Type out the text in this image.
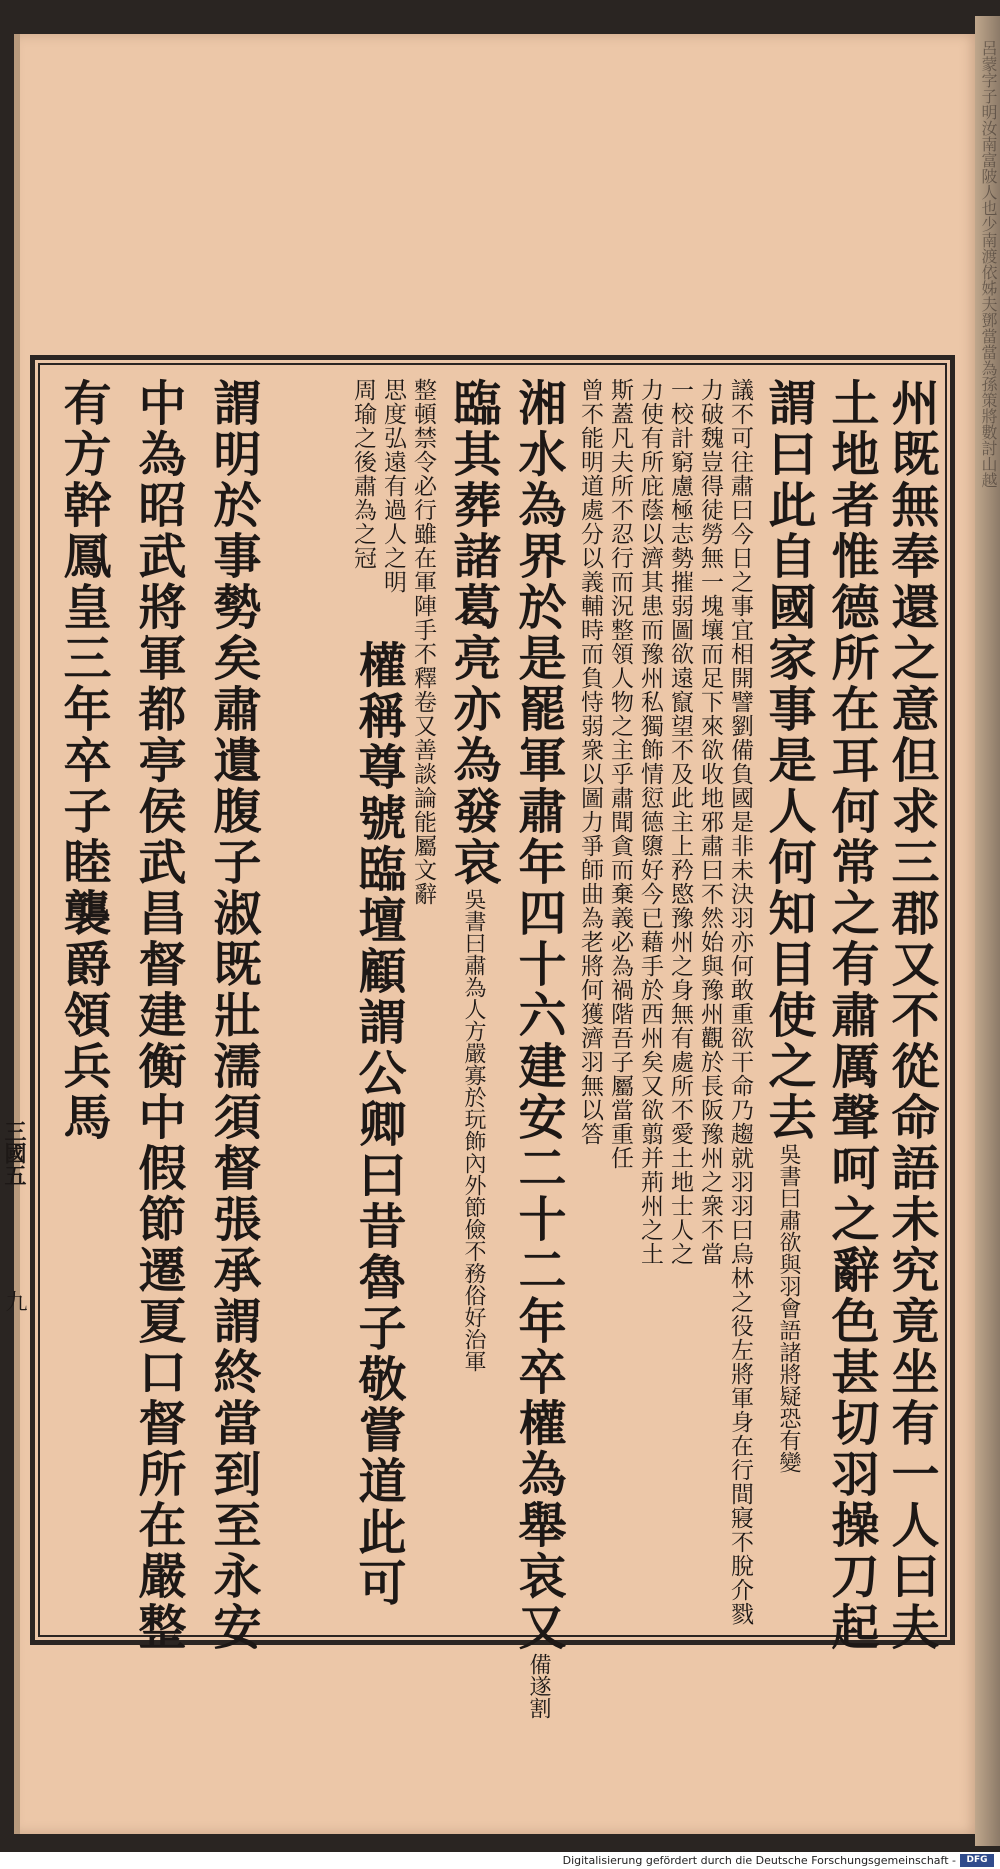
呂蒙字子明汝南富陂人也少南渡依姊夫鄧當當為孫策將數討山越
三國五
九	州既無奉還之意但求三郡又不從命語未究竟坐有一人曰夫
土地者惟德所在耳何常之有肅厲聲呵之辭色甚切羽操刀起
謂曰此自國家事是人何知目使之去吳書曰肅欲與羽會語諸將疑恐有變
議不可往肅曰今日之事宜相開譬劉備負國是非未決羽亦何敢重欲干命乃趨就羽羽曰烏林之役左將軍身在行間寢不脫介戮
力破魏豈得徒勞無一塊壤而足下來欲收地邪肅曰不然始與豫州觀於長阪豫州之衆不當
一校計窮慮極志勢摧弱圖欲遠竄望不及此主上矜愍豫州之身無有處所不愛土地士人之
力使有所庇蔭以濟其患而豫州私獨飾情愆德隳好今已藉手於西州矣又欲翦并荊州之土
斯蓋凡夫所不忍行而況整領人物之主乎肅聞貪而棄義必為禍階吾子屬當重任
曾不能明道處分以義輔時而負恃弱衆以圖力爭師曲為老將何獲濟羽無以答
湘水為界於是罷軍肅年四十六建安二十二年卒權為舉哀又備遂割
臨其葬諸葛亮亦為發哀吳書曰肅為人方嚴寡於玩飾內外節儉不務俗好治軍
整頓禁令必行雖在軍陣手不釋卷又善談論能屬文辭
思度弘遠有過人之明
周瑜之後肅為之冠
權稱尊號臨壇顧謂公卿曰昔魯子敬嘗道此可
謂明於事勢矣肅遺腹子淑既壯濡須督張承謂終當到至永安
中為昭武將軍都亭侯武昌督建衡中假節遷夏口督所在嚴整
有方幹鳳皇三年卒子睦襲爵領兵馬
Digitalisierung gefördert durch die Deutsche Forschungsgemeinschaft -	DFG
